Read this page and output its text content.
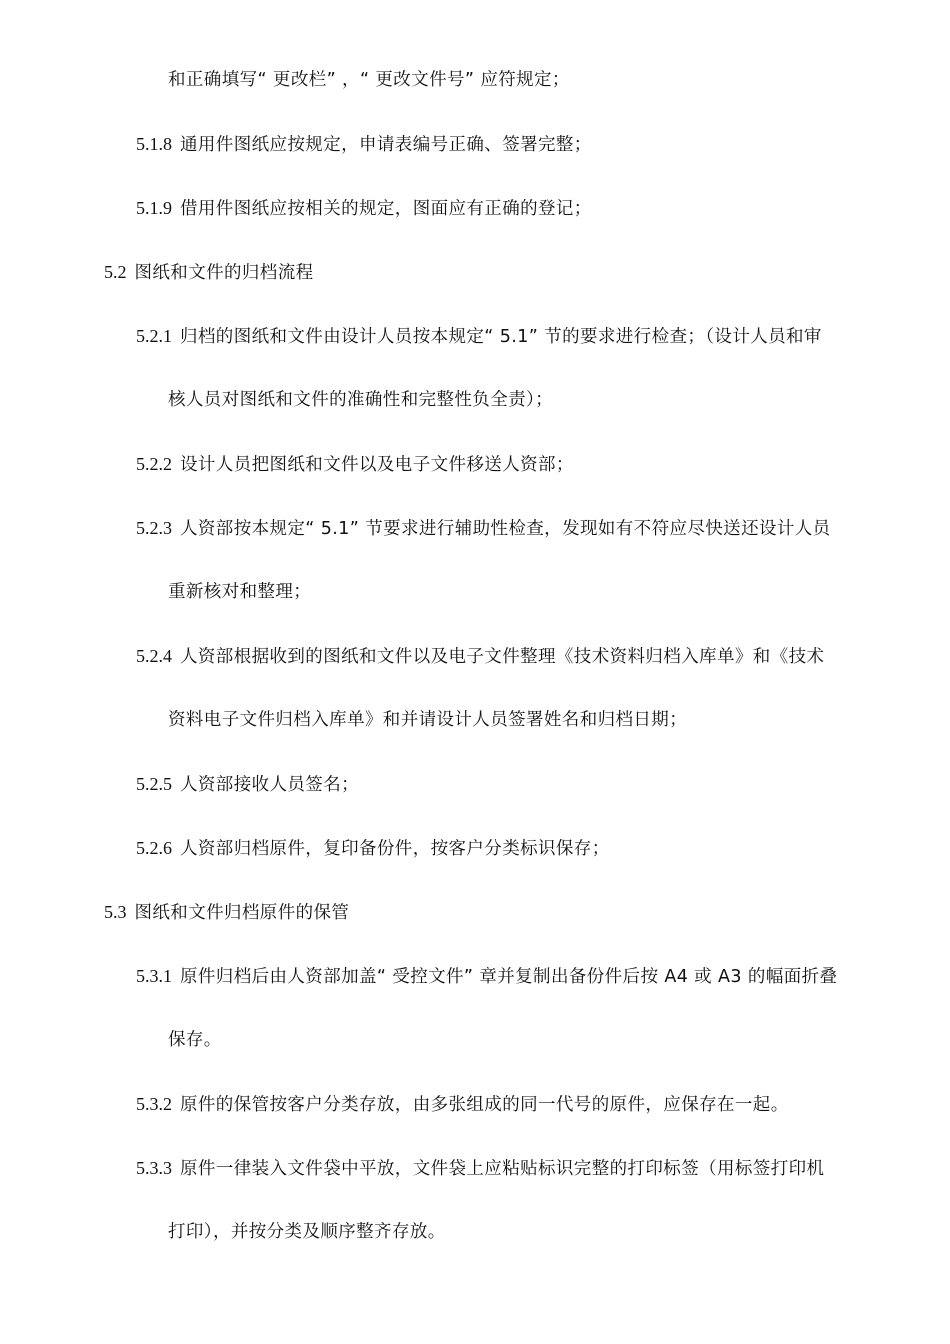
和正确填写“ 更改栏” ，“ 更改文件号” 应符规定；
5.1.8 通用件图纸应按规定，申请表编号正确、签署完整；
5.1.9 借用件图纸应按相关的规定，图面应有正确的登记；
5.2 图纸和文件的归档流程
5.2.1 归档的图纸和文件由设计人员按本规定“ 5.1” 节的要求进行检查；（设计人员和审
核人员对图纸和文件的准确性和完整性负全责）；
5.2.2 设计人员把图纸和文件以及电子文件移送人资部；
5.2.3 人资部按本规定“ 5.1” 节要求进行辅助性检查，发现如有不符应尽快送还设计人员
重新核对和整理；
5.2.4 人资部根据收到的图纸和文件以及电子文件整理《技术资料归档入库单》和《技术
资料电子文件归档入库单》和并请设计人员签署姓名和归档日期；
5.2.5 人资部接收人员签名；
5.2.6 人资部归档原件，复印备份件，按客户分类标识保存；
5.3 图纸和文件归档原件的保管
5.3.1 原件归档后由人资部加盖“ 受控文件” 章并复制出备份件后按 A4 或 A3 的幅面折叠
保存。
5.3.2 原件的保管按客户分类存放，由多张组成的同一代号的原件，应保存在一起。
5.3.3 原件一律装入文件袋中平放，文件袋上应粘贴标识完整的打印标签（用标签打印机
打印），并按分类及顺序整齐存放。
